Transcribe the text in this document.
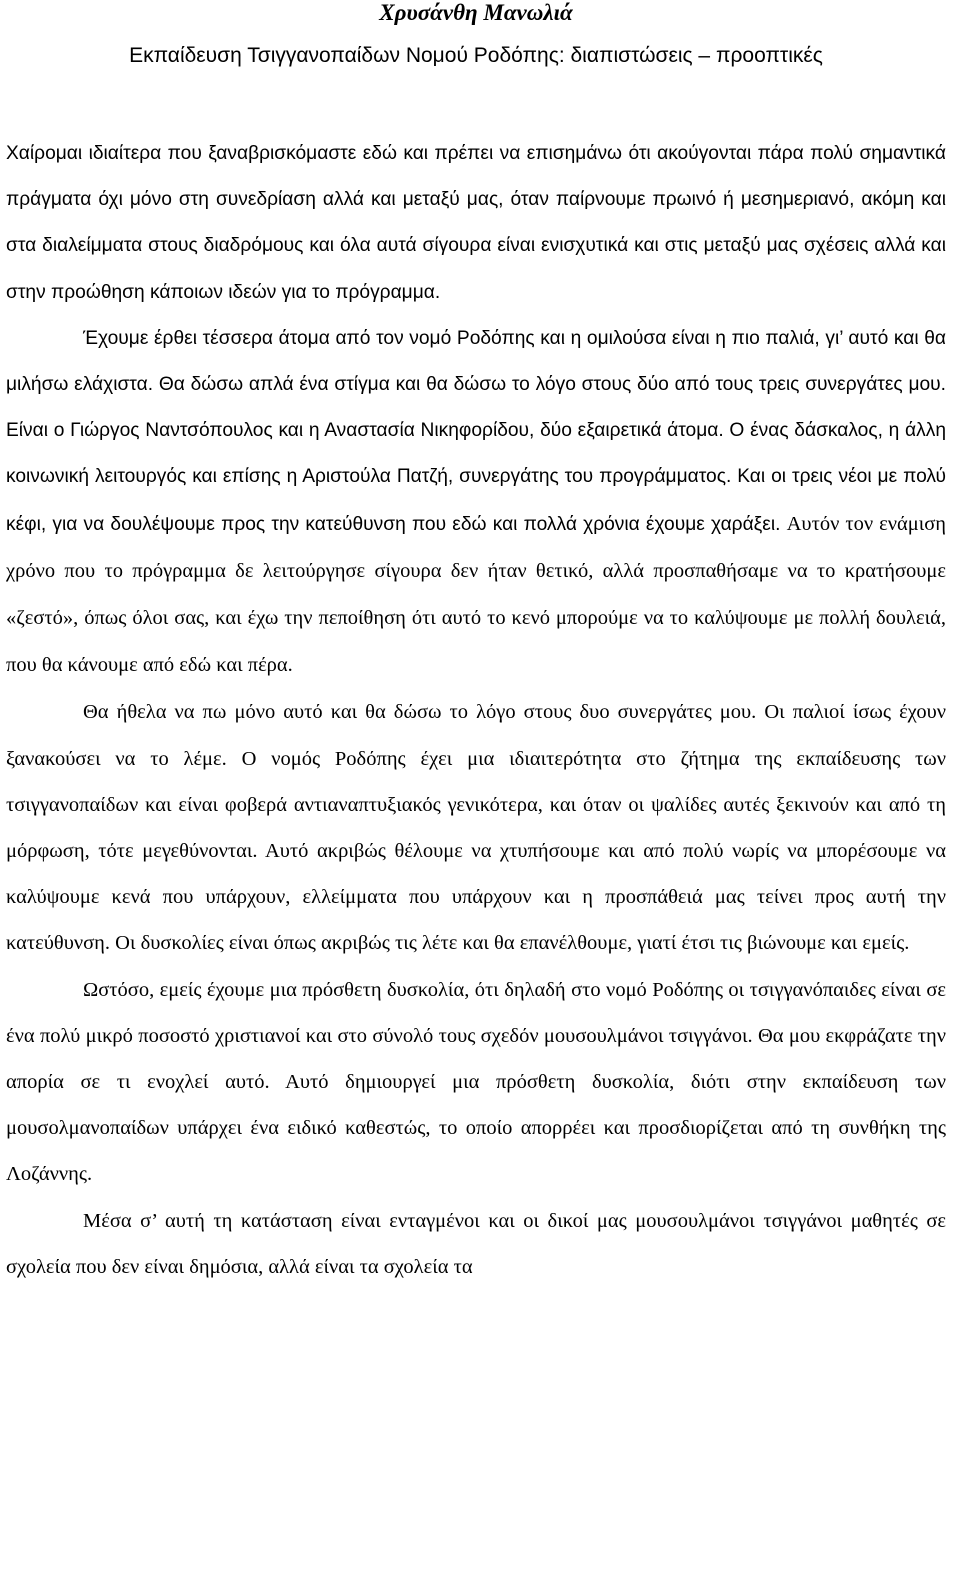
Χρυσάνθη Μανωλιά
Εκπαίδευση Τσιγγανοπαίδων Νομού Ροδόπης: διαπιστώσεις – προοπτικές

Χαίρομαι ιδιαίτερα που ξαναβρισκόμαστε εδώ και πρέπει να επισημάνω ότι ακούγονται πάρα πολύ σημαντικά πράγματα όχι μόνο στη συνεδρίαση αλλά και μεταξύ μας, όταν παίρνουμε πρωινό ή μεσημεριανό, ακόμη και στα διαλείμματα στους διαδρόμους και όλα αυτά σίγουρα είναι ενισχυτικά και στις μεταξύ μας σχέσεις αλλά και στην προώθηση κάποιων ιδεών για το πρόγραμμα.

Έχουμε έρθει τέσσερα άτομα από τον νομό Ροδόπης και η ομιλούσα είναι η πιο παλιά, γι’ αυτό και θα μιλήσω ελάχιστα. Θα δώσω απλά ένα στίγμα και θα δώσω το λόγο στους δύο από τους τρεις συνεργάτες μου. Είναι ο Γιώργος Ναντσόπουλος και η Αναστασία Νικηφορίδου, δύο εξαιρετικά άτομα. Ο ένας δάσκαλος, η άλλη κοινωνική λειτουργός και επίσης η Αριστούλα Πατζή, συνεργάτης του προγράμματος. Και οι τρεις νέοι με πολύ κέφι, για να δουλέψουμε προς την κατεύθυνση που εδώ και πολλά χρόνια έχουμε χαράξει. Αυτόν τον ενάμιση χρόνο που το πρόγραμμα δε λειτούργησε σίγουρα δεν ήταν θετικό, αλλά προσπαθήσαμε να το κρατήσουμε «ζεστό», όπως όλοι σας, και έχω την πεποίθηση ότι αυτό το κενό μπορούμε να το καλύψουμε με πολλή δουλειά, που θα κάνουμε από εδώ και πέρα.

Θα ήθελα να πω μόνο αυτό και θα δώσω το λόγο στους δυο συνεργάτες μου. Οι παλιοί ίσως έχουν ξανακούσει να το λέμε. Ο νομός Ροδόπης έχει μια ιδιαιτερότητα στο ζήτημα της εκπαίδευσης των τσιγγανοπαίδων και είναι φοβερά αντιαναπτυξιακός γενικότερα, και όταν οι ψαλίδες αυτές ξεκινούν και από τη μόρφωση, τότε μεγεθύνονται. Αυτό ακριβώς θέλουμε να χτυπήσουμε και από πολύ νωρίς να μπορέσουμε να καλύψουμε κενά που υπάρχουν, ελλείμματα που υπάρχουν και η προσπάθειά μας τείνει προς αυτή την κατεύθυνση. Οι δυσκολίες είναι όπως ακριβώς τις λέτε και θα επανέλθουμε, γιατί έτσι τις βιώνουμε και εμείς.

Ωστόσο, εμείς έχουμε μια πρόσθετη δυσκολία, ότι δηλαδή στο νομό Ροδόπης οι τσιγγανόπαιδες είναι σε ένα πολύ μικρό ποσοστό χριστιανοί και στο σύνολό τους σχεδόν μουσουλμάνοι τσιγγάνοι. Θα μου εκφράζατε την απορία σε τι ενοχλεί αυτό. Αυτό δημιουργεί μια πρόσθετη δυσκολία, διότι στην εκπαίδευση των μουσολμανοπαίδων υπάρχει ένα ειδικό καθεστώς, το οποίο απορρέει και προσδιορίζεται από τη συνθήκη της Λοζάννης.

Μέσα σ’ αυτή τη κατάσταση είναι ενταγμένοι και οι δικοί μας μουσουλμάνοι τσιγγάνοι μαθητές σε σχολεία που δεν είναι δημόσια, αλλά είναι τα σχολεία τα
